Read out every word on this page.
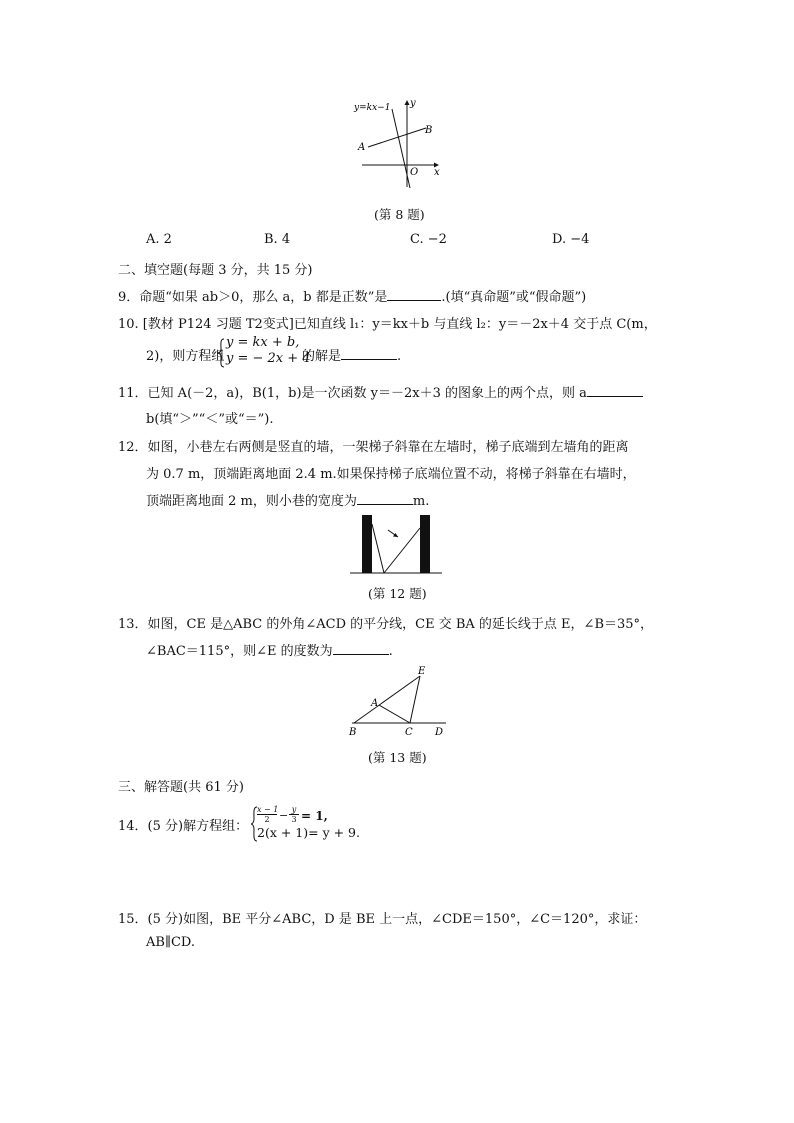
y=kx−1 y
x
O
A
B
(第 8 题)
A. 2	B. 4	C. −2	D. −4
二、填空题(每题 3 分，共 15 分)
9．命题“如果 ab＞0，那么 a，b 都是正数”是	.(填“真命题”或“假命题”)
10. [教材 P124 习题 T2变式]已知直线 l₁：y＝kx＋b 与直线 l₂：y＝－2x＋4 交于点 C(m，
2)，则方程组
y = kx + b,
y = − 2x + 4
的解是	.
11．已知 A(－2，a)，B(1，b)是一次函数 y＝－2x＋3 的图象上的两个点，则 a
b(填“＞”“＜”或“＝”).
12．如图，小巷左右两侧是竖直的墙，一架梯子斜靠在左墙时，梯子底端到左墙角的距离
为 0.7 m，顶端距离地面 2.4 m.如果保持梯子底端位置不动，将梯子斜靠在右墙时，
顶端距离地面 2 m，则小巷的宽度为	m.
(第 12 题)
13．如图，CE 是△ABC 的外角∠ACD 的平分线，CE 交 BA 的延长线于点 E，∠B＝35°，
∠BAC＝115°，则∠E 的度数为	.
E
A
B	C D
(第 13 题)
三、解答题(共 61 分)
14．(5 分)解方程组：
x − 1
2 − y
3 = 1,
2(x + 1)= y + 9.
15．(5 分)如图，BE 平分∠ABC，D 是 BE 上一点，∠CDE＝150°，∠C＝120°，求证：
AB∥CD.
